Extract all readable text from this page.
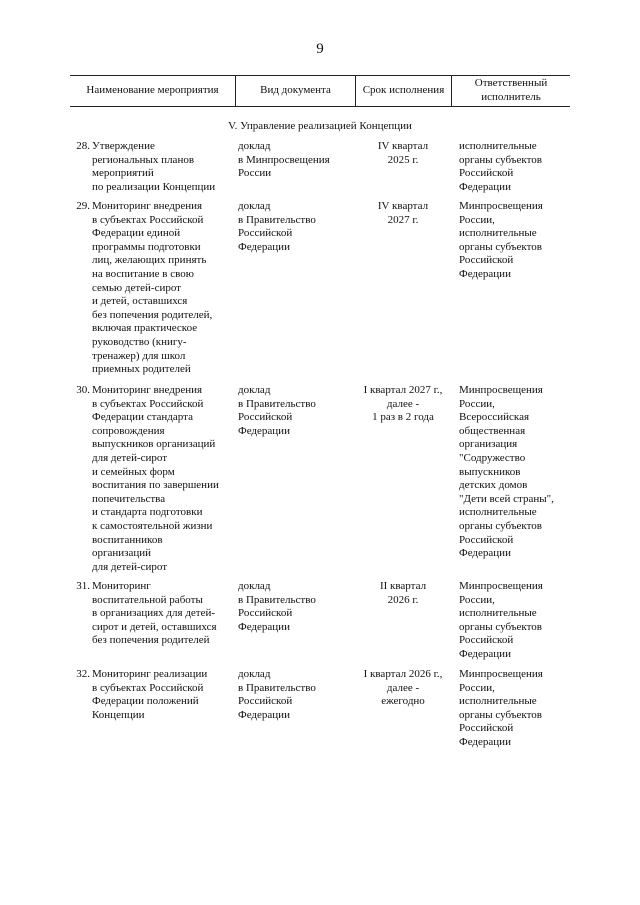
9
Наименование мероприятия	Вид документа	Срок исполнения
Ответственный
исполнитель
V. Управление реализацией Концепции
28. Утверждение
региональных планов
мероприятий
по реализации Концепции
доклад
в Минпросвещения
России
IV квартал
2025 г.
исполнительные
органы субъектов
Российской
Федерации
29. Мониторинг внедрения
в субъектах Российской
Федерации единой
программы подготовки
лиц, желающих принять
на воспитание в свою
семью детей-сирот
и детей, оставшихся
без попечения родителей,
включая практическое
руководство (книгу-
тренажер) для школ
приемных родителей
доклад
в Правительство
Российской
Федерации
IV квартал
2027 г.
Минпросвещения
России,
исполнительные
органы субъектов
Российской
Федерации
30. Мониторинг внедрения
в субъектах Российской
Федерации стандарта
сопровождения
выпускников организаций
для детей-сирот
и семейных форм
воспитания по завершении
попечительства
и стандарта подготовки
к самостоятельной жизни
воспитанников
организаций
для детей-сирот
доклад
в Правительство
Российской
Федерации
I квартал 2027 г.,
далее -
1 раз в 2 года
Минпросвещения
России,
Всероссийская
общественная
организация
"Содружество
выпускников
детских домов
"Дети всей страны",
исполнительные
органы субъектов
Российской
Федерации
31. Мониторинг
воспитательной работы
в организациях для детей-
сирот и детей, оставшихся
без попечения родителей
доклад
в Правительство
Российской
Федерации
II квартал
2026 г.
Минпросвещения
России,
исполнительные
органы субъектов
Российской
Федерации
32. Мониторинг реализации
в субъектах Российской
Федерации положений
Концепции
доклад
в Правительство
Российской
Федерации
I квартал 2026 г.,
далее -
ежегодно
Минпросвещения
России,
исполнительные
органы субъектов
Российской
Федерации
